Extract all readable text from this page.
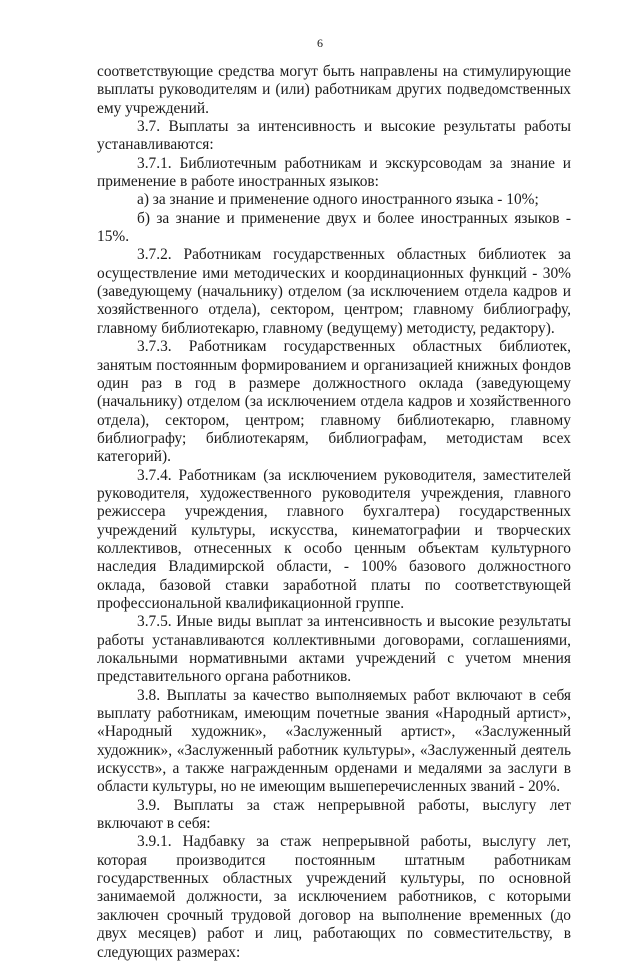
6

соответствующие средства могут быть направлены на стимулирующие выплаты руководителям и (или) работникам других подведомственных ему учреждений.

3.7. Выплаты за интенсивность и высокие результаты работы устанавливаются:

3.7.1. Библиотечным работникам и экскурсоводам за знание и применение в работе иностранных языков:

а) за знание и применение одного иностранного языка - 10%;

б) за знание и применение двух и более иностранных языков - 15%.

3.7.2. Работникам государственных областных библиотек за осуществление ими методических и координационных функций - 30% (заведующему (начальнику) отделом (за исключением отдела кадров и хозяйственного отдела), сектором, центром; главному библиографу, главному библиотекарю, главному (ведущему) методисту, редактору).

3.7.3. Работникам государственных областных библиотек, занятым постоянным формированием и организацией книжных фондов один раз в год в размере должностного оклада (заведующему (начальнику) отделом (за исключением отдела кадров и хозяйственного отдела), сектором, центром; главному библиотекарю, главному библиографу; библиотекарям, библиографам, методистам всех категорий).

3.7.4. Работникам (за исключением руководителя, заместителей руководителя, художественного руководителя учреждения, главного режиссера учреждения, главного бухгалтера) государственных учреждений культуры, искусства, кинематографии и творческих коллективов, отнесенных к особо ценным объектам культурного наследия Владимирской области, - 100% базового должностного оклада, базовой ставки заработной платы по соответствующей профессиональной квалификационной группе.

3.7.5. Иные виды выплат за интенсивность и высокие результаты работы устанавливаются коллективными договорами, соглашениями, локальными нормативными актами учреждений с учетом мнения представительного органа работников.

3.8. Выплаты за качество выполняемых работ включают в себя выплату работникам, имеющим почетные звания «Народный артист», «Народный художник», «Заслуженный артист», «Заслуженный художник», «Заслуженный работник культуры», «Заслуженный деятель искусств», а также награжденным орденами и медалями за заслуги в области культуры, но не имеющим вышеперечисленных званий - 20%.

3.9. Выплаты за стаж непрерывной работы, выслугу лет включают в себя:

3.9.1. Надбавку за стаж непрерывной работы, выслугу лет, которая производится постоянным штатным работникам государственных областных учреждений культуры, по основной занимаемой должности, за исключением работников, с которыми заключен срочный трудовой договор на выполнение временных (до двух месяцев) работ и лиц, работающих по совместительству, в следующих размерах:
